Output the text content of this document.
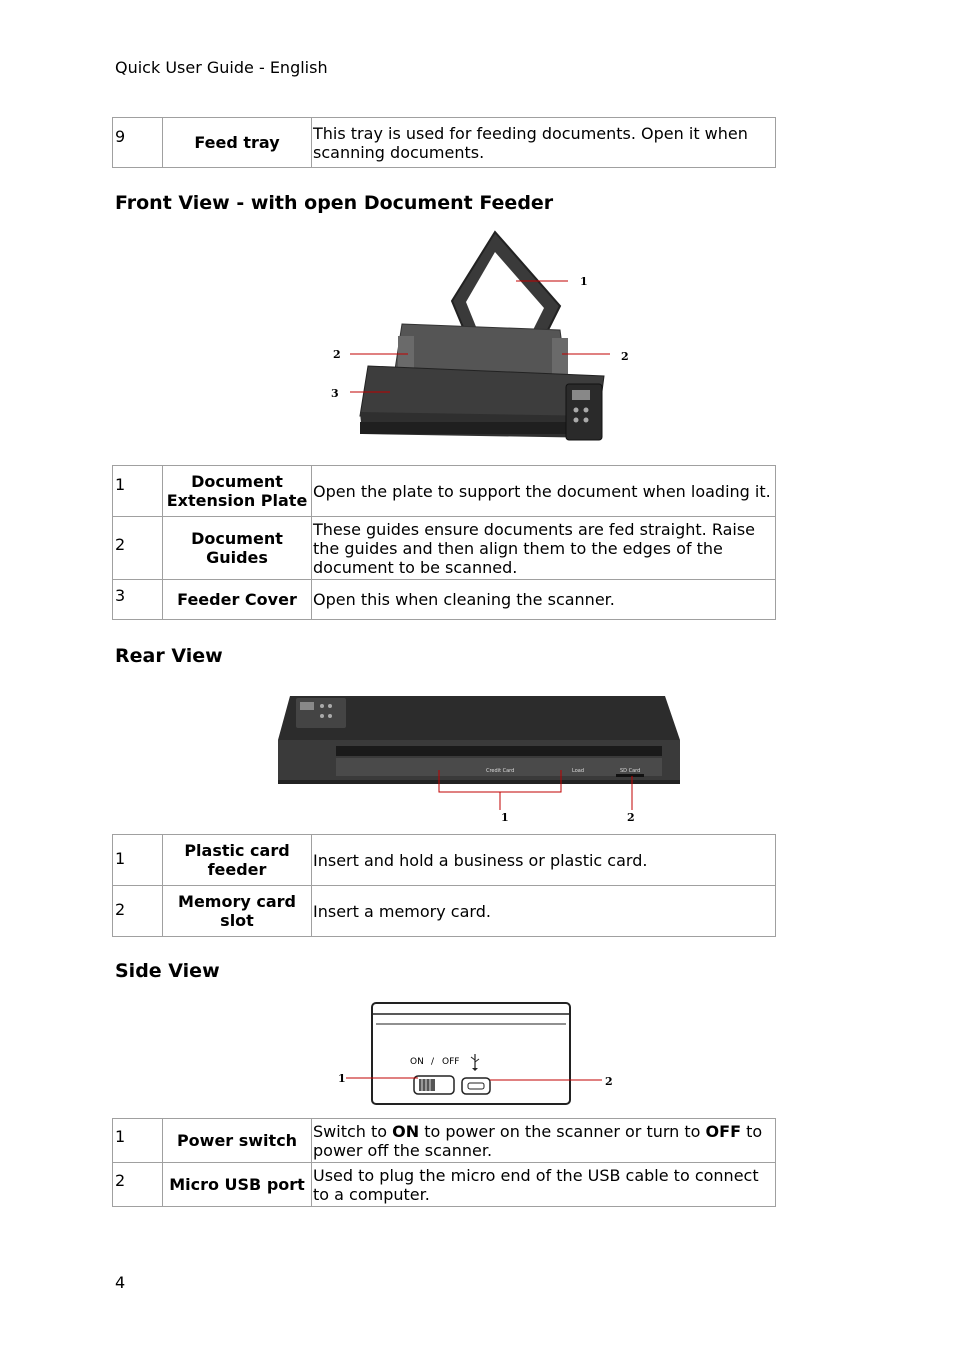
Quick User Guide - English
9	Feed tray	This tray is used for feeding documents. Open it when scanning documents.
Front View - with open Document Feeder
1
2	2
3
1	Document Extension Plate	Open the plate to support the document when loading it.
2	Document Guides	These guides ensure documents are fed straight. Raise the guides and then align them to the edges of the document to be scanned.
3	Feeder Cover	Open this when cleaning the scanner.
Rear View
Credit Card	Load	SD Card
1	2
1	Plastic card feeder	Insert and hold a business or plastic card.
2	Memory card slot	Insert a memory card.
Side View
ON / OFF
1	2
1	Power switch	Switch to ON to power on the scanner or turn to OFF to power off the scanner.
2	Micro USB port	Used to plug the micro end of the USB cable to connect to a computer.
4
